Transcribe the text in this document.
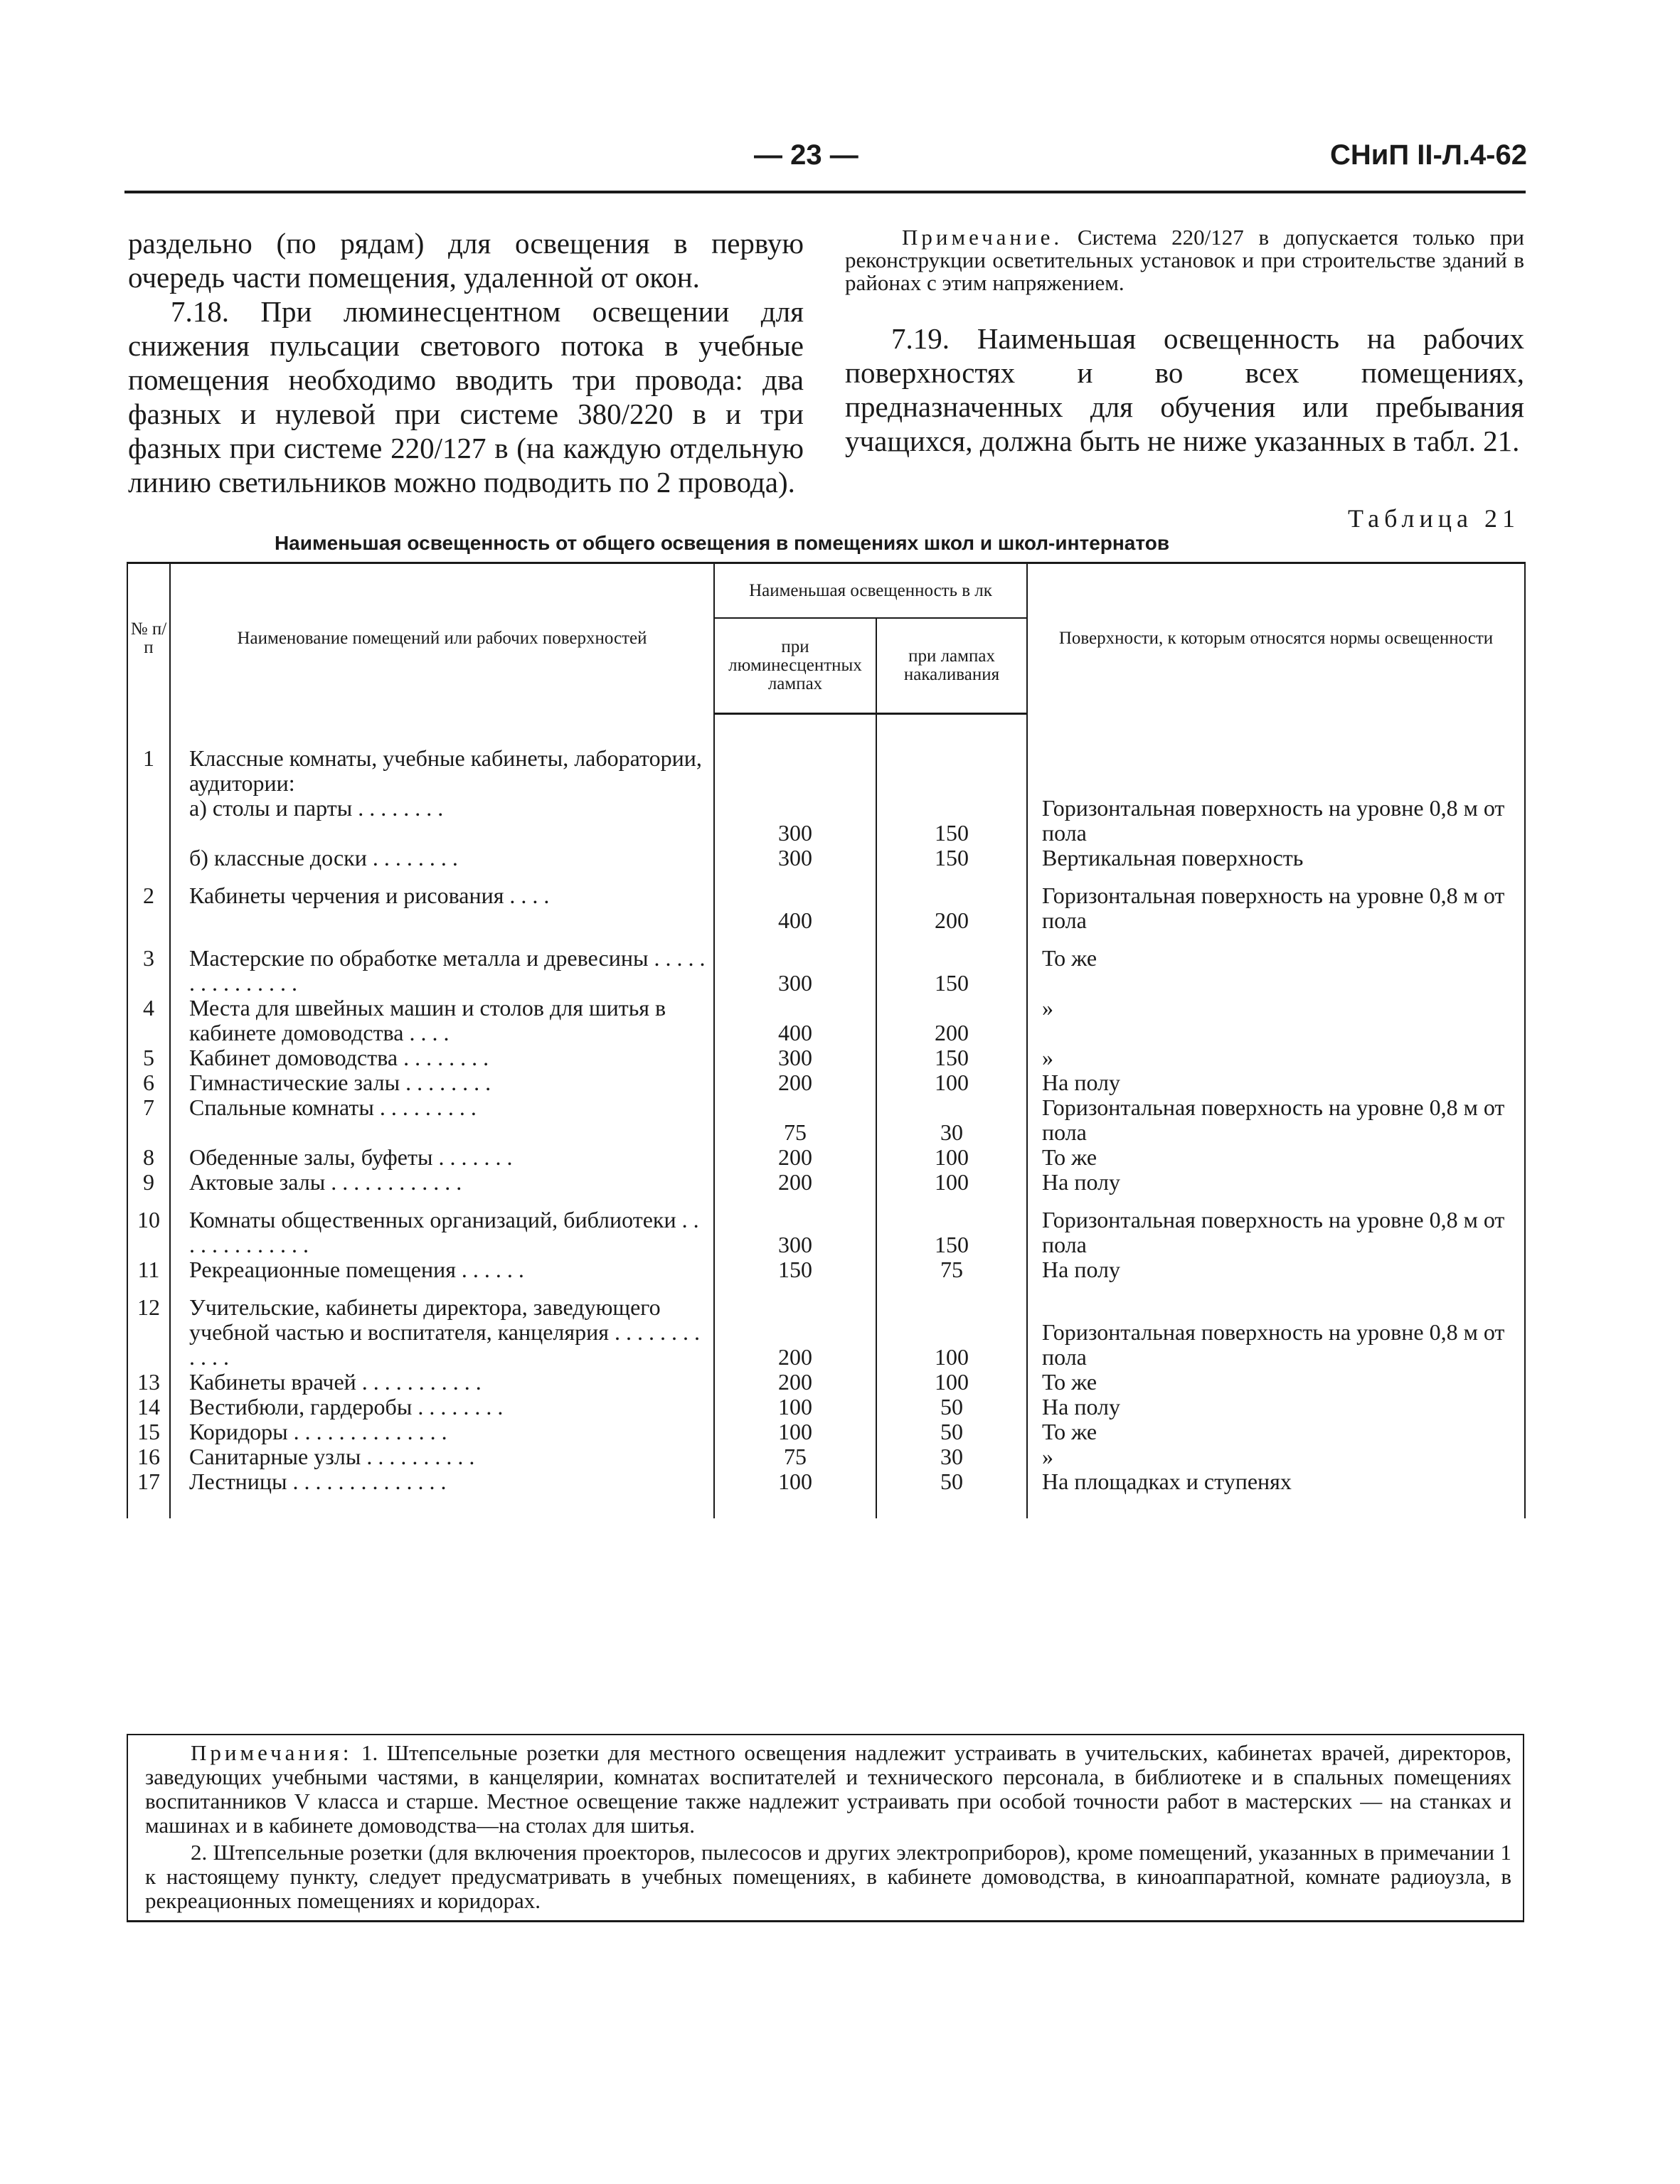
— 23 —	СНиП II-Л.4-62

раздельно (по рядам) для освещения в первую очередь части помещения, удаленной от окон.

7.18. При люминесцентном освещении для снижения пульсации светового потока в учебные помещения необходимо вводить три провода: два фазных и нулевой при системе 380/220 в и три фазных при системе 220/127 в (на каждую отдельную линию светильников можно подводить по 2 провода).

Примечание. Система 220/127 в допускается только при реконструкции осветительных установок и при строительстве зданий в районах с этим напряжением.

7.19. Наименьшая освещенность на рабочих поверхностях и во всех помещениях, предназначенных для обучения или пребывания учащихся, должна быть не ниже указанных в табл. 21.

Таблица 21
Наименьшая освещенность от общего освещения в помещениях школ и школ-интернатов
№ п/п	Наименование помещений или рабочих поверхностей	Наименьшая освещенность в лк		Поверхности, к которым относятся нормы освещенности
		при люминесцентных лампах	при лампах накаливания	

1	Классные комнаты, учебные кабинеты, лаборатории, аудитории:			
	а) столы и парты . . . . . . . .	300	150	Горизонтальная поверхность на уровне 0,8 м от пола
	б) классные доски . . . . . . . .	300	150	Вертикальная поверхность
2	Кабинеты черчения и рисования . . . .	400	200	Горизонтальная поверхность на уровне 0,8 м от пола
3	Мастерские по обработке металла и древесины . . . . . . . . . . . . . . .	300	150	То же
4	Места для швейных машин и столов для шитья в кабинете домоводства . . . .	400	200	»
5	Кабинет домоводства . . . . . . . .	300	150	»
6	Гимнастические залы . . . . . . . .	200	100	На полу
7	Спальные комнаты . . . . . . . . .	75	30	Горизонтальная поверхность на уровне 0,8 м от пола
8	Обеденные залы, буфеты . . . . . . .	200	100	То же
9	Актовые залы . . . . . . . . . . . .	200	100	На полу
10	Комнаты общественных организаций, библиотеки . . . . . . . . . . . . .	300	150	Горизонтальная поверхность на уровне 0,8 м от пола
11	Рекреационные помещения . . . . . .	150	75	На полу
12	Учительские, кабинеты директора, заведующего учебной частью и воспитателя, канцелярия . . . . . . . . . . . .	200	100	Горизонтальная поверхность на уровне 0,8 м от пола
13	Кабинеты врачей . . . . . . . . . . .	200	100	То же
14	Вестибюли, гардеробы . . . . . . . .	100	50	На полу
15	Коридоры . . . . . . . . . . . . . .	100	50	То же
16	Санитарные узлы . . . . . . . . . .	75	30	»
17	Лестницы . . . . . . . . . . . . . .	100	50	На площадках и ступенях

Примечания: 1. Штепсельные розетки для местного освещения надлежит устраивать в учительских, кабинетах врачей, директоров, заведующих учебными частями, в канцелярии, комнатах воспитателей и технического персонала, в библиотеке и в спальных помещениях воспитанников V класса и старше. Местное освещение также надлежит устраивать при особой точности работ в мастерских — на станках и машинах и в кабинете домоводства—на столах для шитья.

2. Штепсельные розетки (для включения проекторов, пылесосов и других электроприборов), кроме помещений, указанных в примечании 1 к настоящему пункту, следует предусматривать в учебных помещениях, в кабинете домоводства, в киноаппаратной, комнате радиоузла, в рекреационных помещениях и коридорах.
